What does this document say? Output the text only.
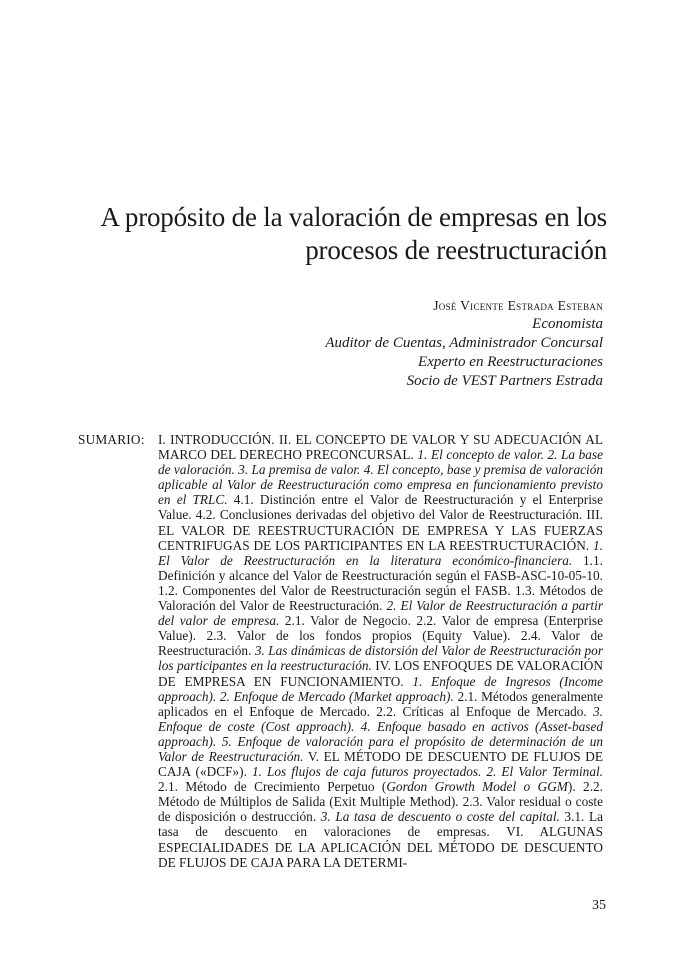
A propósito de la valoración de empresas en los
procesos de reestructuración
José Vicente Estrada Esteban
Economista
Auditor de Cuentas, Administrador Concursal
Experto en Reestructuraciones
Socio de VEST Partners Estrada
SUMARIO: I. INTRODUCCIÓN. II. EL CONCEPTO DE VALOR Y SU ADECUACIÓN AL MARCO DEL DERECHO PRECONCURSAL. 1. El concepto de valor. 2. La base de valoración. 3. La premisa de valor. 4. El concepto, base y premisa de valoración aplicable al Valor de Reestructuración como empresa en funcionamiento previsto en el TRLC. 4.1. Distinción entre el Valor de Reestructuración y el Enterprise Value. 4.2. Conclusiones derivadas del objetivo del Valor de Reestructuración. III. EL VALOR DE REESTRUCTURACIÓN DE EMPRESA Y LAS FUERZAS CENTRIFUGAS DE LOS PARTICIPANTES EN LA REESTRUCTURACIÓN. 1. El Valor de Reestructuración en la literatura económico-financiera. 1.1. Definición y alcance del Valor de Reestructuración según el FASB-ASC-10-05-10. 1.2. Componentes del Valor de Reestructuración según el FASB. 1.3. Métodos de Valoración del Valor de Reestructuración. 2. El Valor de Reestructuración a partir del valor de empresa. 2.1. Valor de Negocio. 2.2. Valor de empresa (Enterprise Value). 2.3. Valor de los fondos propios (Equity Value). 2.4. Valor de Reestructuración. 3. Las dinámicas de distorsión del Valor de Reestructuración por los participantes en la reestructuración. IV. LOS ENFOQUES DE VALORACIÓN DE EMPRESA EN FUNCIONAMIENTO. 1. Enfoque de Ingresos (Income approach). 2. Enfoque de Mercado (Market approach). 2.1. Métodos generalmente aplicados en el Enfoque de Mercado. 2.2. Críticas al Enfoque de Mercado. 3. Enfoque de coste (Cost approach). 4. Enfoque basado en activos (Asset-based approach). 5. Enfoque de valoración para el propósito de determinación de un Valor de Reestructuración. V. EL MÉTODO DE DESCUENTO DE FLUJOS DE CAJA («DCF»). 1. Los flujos de caja futuros proyectados. 2. El Valor Terminal. 2.1. Método de Crecimiento Perpetuo (Gordon Growth Model o GGM). 2.2. Método de Múltiplos de Salida (Exit Multiple Method). 2.3. Valor residual o coste de disposición o destrucción. 3. La tasa de descuento o coste del capital. 3.1. La tasa de descuento en valoraciones de empresas. VI. ALGUNAS ESPECIALIDADES DE LA APLICACIÓN DEL MÉTODO DE DESCUENTO DE FLUJOS DE CAJA PARA LA DETERMI-
35
